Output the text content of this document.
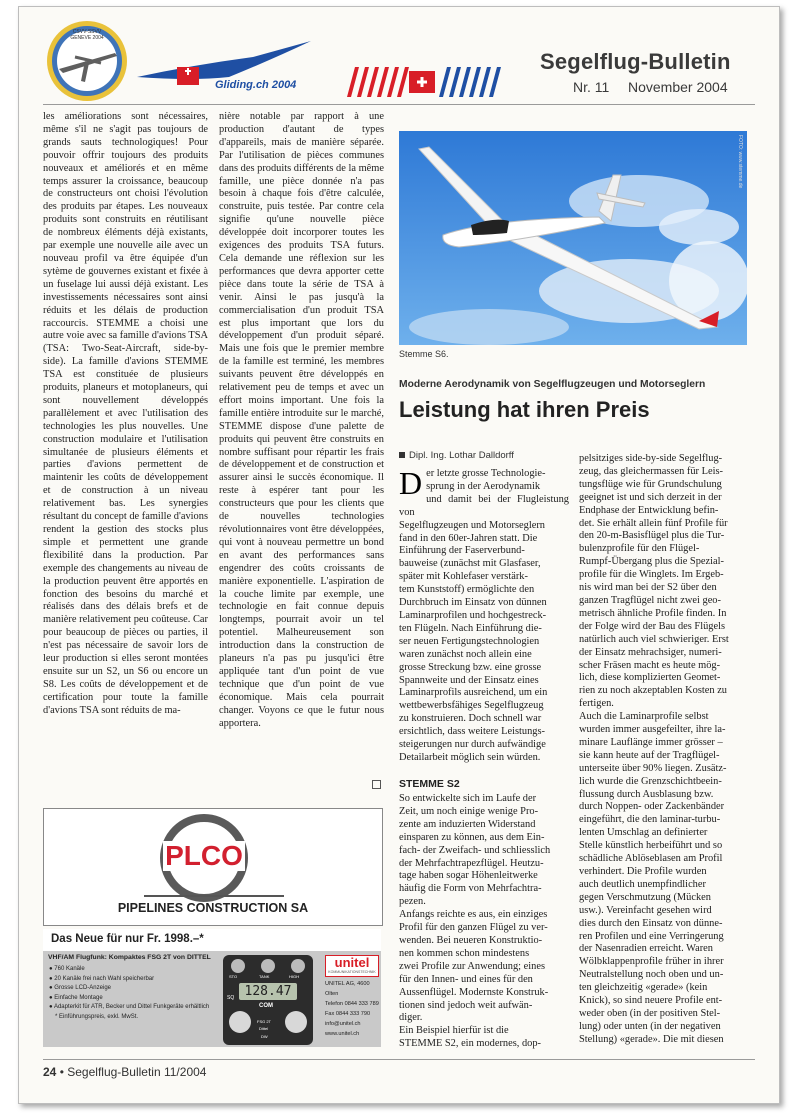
CSVV-SSVV GENEVE 2004
Gliding.ch 2004
Segelflug-Bulletin
Nr. 11 November 2004
les améliorations sont nécessaires, même s'il ne s'agit pas toujours de grands sauts technologiques! Pour pouvoir offrir toujours des produits nouveaux et améliorés et en même temps assurer la croissance, beaucoup de constructeurs ont choisi l'évolution des produits par étapes. Les nouveaux produits sont construits en réutilisant de nombreux éléments déjà existants, par exemple une nouvelle aile avec un nouveau profil va être équipée d'un sytème de gouvernes existant et fixée à un fuselage lui aussi déjà existant. Les investissements nécessaires sont ainsi réduits et les délais de production raccourcis. STEMME a choisi une autre voie avec sa famille d'avions TSA (TSA: Two-Seat-Aircraft, side-by-side). La famille d'avions STEMME TSA est constituée de plusieurs produits, planeurs et motoplaneurs, qui sont nouvellement développés parallèlement et avec l'utilisation des technologies les plus nouvelles. Une construction modulaire et l'utilisation simultanée de plusieurs éléments et parties d'avions permettent de maintenir les coûts de développement et de construction à un niveau relativement bas. Les synergies résultant du concept de famille d'avions rendent la gestion des stocks plus simple et permettent une grande flexibilité dans la production. Par exemple des changements au niveau de la production peuvent être apportés en fonction des besoins du marché et réalisés dans des délais brefs et de manière relativement peu coûteuse. Car pour beaucoup de pièces ou parties, il n'est pas nécessaire de savoir lors de leur production si elles seront montées ensuite sur un S2, un S6 ou encore un S8. Les coûts de développement et de certification pour toute la famille d'avions TSA sont réduits de ma-
nière notable par rapport à une production d'autant de types d'appareils, mais de manière séparée. Par l'utilisation de pièces communes dans des produits différents de la même famille, une pièce donnée n'a pas besoin à chaque fois d'être calculée, construite, puis testée. Par contre cela signifie qu'une nouvelle pièce développée doit incorporer toutes les exigences des produits TSA futurs. Cela demande une réflexion sur les performances que devra apporter cette pièce dans toute la série de TSA à venir. Ainsi le pas jusqu'à la commercialisation d'un produit TSA est plus important que lors du développement d'un produit séparé. Mais une fois que le premier membre de la famille est terminé, les membres suivants peuvent être développés en relativement peu de temps et avec un effort moins important. Une fois la famille entière introduite sur le marché, STEMME dispose d'une palette de produits qui peuvent être construits en nombre suffisant pour répartir les frais de développement et de construction et assurer ainsi le succès économique. Il reste à espérer tant pour les constructeurs que pour les clients que de nouvelles technologies révolutionnaires vont être développées, qui vont à nouveau permettre un bond en avant des performances sans engendrer des coûts croissants de manière exponentielle. L'aspiration de la couche limite par exemple, une technologie en fait connue depuis longtemps, pourrait avoir un tel potentiel. Malheureusement son introduction dans la construction de planeurs n'a pas pu jusqu'ici être appliquée tant d'un point de vue technique que d'un point de vue économique. Mais cela pourrait changer. Voyons ce que le futur nous apportera.
FOTO: www.stemme.de
Stemme S6.
Moderne Aerodynamik von Segelflugzeugen und Motorseglern
Leistung hat ihren Preis
Dipl. Ing. Lothar Dalldorff
D er letzte grosse Technologie-
sprung in der Aerodynamik
und damit bei der Flugleistung von
Segelflugzeugen und Motorseglern
fand in den 60er-Jahren statt. Die
Einführung der Faserverbund-
bauweise (zunächst mit Glasfaser,
später mit Kohlefaser verstärk-
tem Kunststoff) ermöglichte den
Durchbruch im Einsatz von dünnen
Laminarprofilen und hochgestreck-
ten Flügeln. Nach Einführung die-
ser neuen Fertigungstechnologien
waren zunächst noch allein eine
grosse Streckung bzw. eine grosse
Spannweite und der Einsatz eines
Laminarprofils ausreichend, um ein
wettbewerbsfähiges Segelflugzeug
zu konstruieren. Doch schnell war
ersichtlich, dass weitere Leistungs-
steigerungen nur durch aufwändige
Detailarbeit möglich sein würden.
STEMME S2
So entwickelte sich im Laufe der
Zeit, um noch einige wenige Pro-
zente am induzierten Widerstand
einsparen zu können, aus dem Ein-
fach- der Zweifach- und schliesslich
der Mehrfachtrapezflügel. Heutzu-
tage haben sogar Höhenleitwerke
häufig die Form von Mehrfachtra-
pezen.
Anfangs reichte es aus, ein einziges
Profil für den ganzen Flügel zu ver-
wenden. Bei neueren Konstruktio-
nen kommen schon mindestens
zwei Profile zur Anwendung; eines
für den Innen- und eines für den
Aussenflügel. Modernste Konstruk-
tionen sind jedoch weit aufwän-
diger.
Ein Beispiel hierfür ist die
STEMME S2, ein modernes, dop-
pelsitziges side-by-side Segelflug-
zeug, das gleichermassen für Leis-
tungsflüge wie für Grundschulung
geeignet ist und sich derzeit in der
Endphase der Entwicklung befin-
det. Sie erhält allein fünf Profile für
den 20-m-Basisflügel plus die Tur-
bulenzprofile für den Flügel-
Rumpf-Übergang plus die Spezial-
profile für die Winglets. Im Ergeb-
nis wird man bei der S2 über den
ganzen Tragflügel nicht zwei geo-
metrisch ähnliche Profile finden. In
der Folge wird der Bau des Flügels
natürlich auch viel schwieriger. Erst
der Einsatz mehrachsiger, numeri-
scher Fräsen macht es heute mög-
lich, diese komplizierten Geomet-
rien zu noch akzeptablen Kosten zu
fertigen.
Auch die Laminarprofile selbst
wurden immer ausgefeilter, ihre la-
minare Lauflänge immer grösser –
sie kann heute auf der Tragflügel-
unterseite über 90% liegen. Zusätz-
lich wurde die Grenzschichtbeein-
flussung durch Ausblasung bzw.
durch Noppen- oder Zackenbänder
eingeführt, die den laminar-turbu-
lenten Umschlag an definierter
Stelle künstlich herbeiführt und so
schädliche Ablöseblasen am Profil
verhindert. Die Profile wurden
auch deutlich unempfindlicher
gegen Verschmutzung (Mücken
usw.). Vereinfacht gesehen wird
dies durch den Einsatz von dünne-
ren Profilen und eine Verringerung
der Nasenradien erreicht. Waren
Wölbklappenprofile früher in ihrer
Neutralstellung noch oben und un-
ten gleichzeitig «gerade» (kein
Knick), so sind neuere Profile ent-
weder oben (in der positiven Stel-
lung) oder unten (in der negativen
Stellung) «gerade». Die mit diesen
PLCO
PIPELINES CONSTRUCTION SA
Das Neue für nur Fr. 1998.–*
VHF/AM Flugfunk: Kompaktes FSG 2T von DITTEL
● 760 Kanäle
● 20 Kanäle frei nach Wahl speicherbar
● Grosse LCD-Anzeige
● Einfache Montage
● Adapterkit für ATR, Becker und Dittel Funkgeräte erhältlich
* Einführungspreis, exkl. MwSt.
STO	TANK	HIGH
128.47
SQ
COM
FSG 2T
Dittel
DW
unitel
KOMMUNIKATIONSTECHNIK
UNITEL AG, 4600 Olten
Telefon 0844 333 789
Fax 0844 333 790
info@unitel.ch
www.unitel.ch
24 • Segelflug-Bulletin 11/2004
